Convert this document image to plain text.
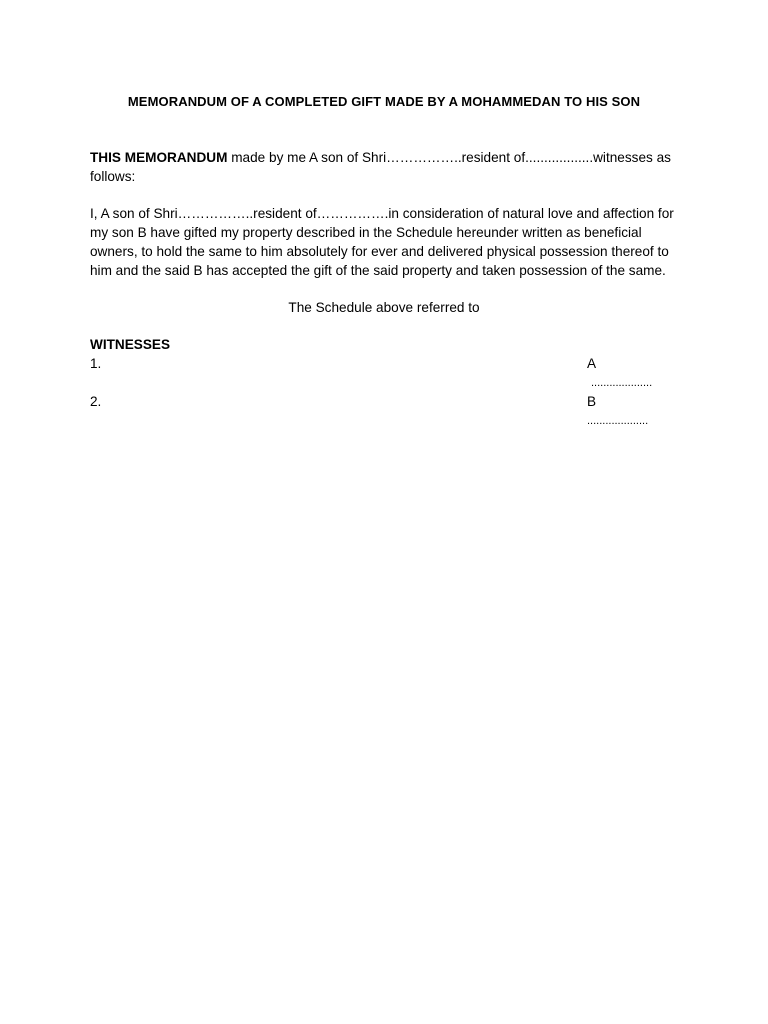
MEMORANDUM OF A COMPLETED GIFT MADE BY A MOHAMMEDAN TO HIS SON
THIS MEMORANDUM made by me A son of Shri……………..resident of..................witnesses as follows:
I, A son of Shri……………..resident of…………….in consideration of natural love and affection for my son B have gifted my property described in the Schedule hereunder written as beneficial owners, to hold the same to him absolutely for ever and delivered physical possession thereof to him and the said B has accepted the gift of the said property and taken possession of the same.
The Schedule above referred to
WITNESSES
1.	A
....................
2.	B
....................
